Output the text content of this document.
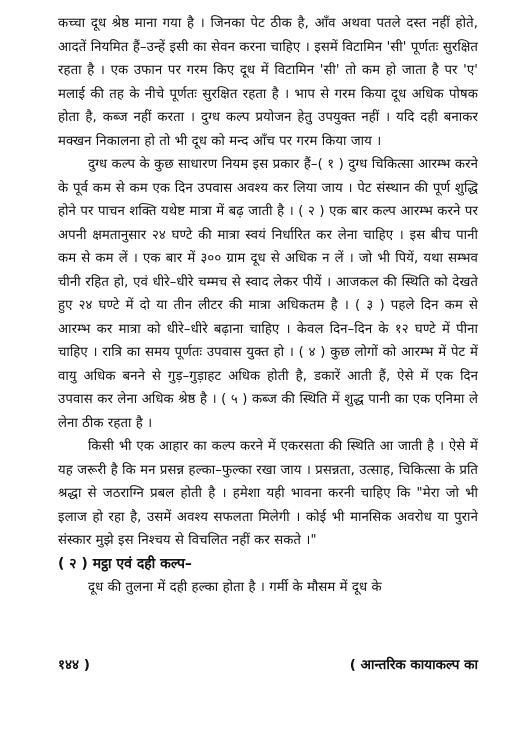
कच्चा दूध श्रेष्ठ माना गया है । जिनका पेट ठीक है, आँव अथवा पतले दस्त नहीं होते, आदतें नियमित हैं–उन्हें इसी का सेवन करना चाहिए । इसमें विटामिन 'सी' पूर्णतः सुरक्षित रहता है । एक उफान पर गरम किए दूध में विटामिन 'सी' तो कम हो जाता है पर 'ए' मलाई की तह के नीचे पूर्णतः सुरक्षित रहता है । भाप से गरम किया दूध अधिक पोषक होता है, कब्ज नहीं करता । दुग्ध कल्प प्रयोजन हेतु उपयुक्त नहीं । यदि दही बनाकर मक्खन निकालना हो तो भी दूध को मन्द आँच पर गरम किया जाय ।

दुग्ध कल्प के कुछ साधारण नियम इस प्रकार हैं–( १ ) दुग्ध चिकित्सा आरम्भ करने के पूर्व कम से कम एक दिन उपवास अवश्य कर लिया जाय । पेट संस्थान की पूर्ण शुद्धि होने पर पाचन शक्ति यथेष्ट मात्रा में बढ़ जाती है । ( २ ) एक बार कल्प आरम्भ करने पर अपनी क्षमतानुसार २४ घण्टे की मात्रा स्वयं निर्धारित कर लेना चाहिए । इस बीच पानी कम से कम लें । एक बार में ३०० ग्राम दूध से अधिक न लें । जो भी पियें, यथा सम्भव चीनी रहित हो, एवं धीरे–धीरे चम्मच से स्वाद लेकर पीयें । आजकल की स्थिति को देखते हुए २४ घण्टे में दो या तीन लीटर की मात्रा अधिकतम है । ( ३ ) पहले दिन कम से आरम्भ कर मात्रा को धीरे–धीरे बढ़ाना चाहिए । केवल दिन–दिन के १२ घण्टे में पीना चाहिए । रात्रि का समय पूर्णतः उपवास युक्त हो । ( ४ ) कुछ लोगों को आरम्भ में पेट में वायु अधिक बनने से गुड़–गुड़ाहट अधिक होती है, डकारें आती हैं, ऐसे में एक दिन उपवास कर लेना अधिक श्रेष्ठ है । ( ५ ) कब्ज की स्थिति में शुद्ध पानी का एक एनिमा ले लेना ठीक रहता है ।

किसी भी एक आहार का कल्प करने में एकरसता की स्थिति आ जाती है । ऐसे में यह जरूरी है कि मन प्रसन्न हल्का–फुल्का रखा जाय । प्रसन्नता, उत्साह, चिकित्सा के प्रति श्रद्धा से जठराग्नि प्रबल होती है । हमेशा यही भावना करनी चाहिए कि "मेरा जो भी इलाज हो रहा है, उसमें अवश्य सफलता मिलेगी । कोई भी मानसिक अवरोध या पुराने संस्कार मुझे इस निश्चय से विचलित नहीं कर सकते ।"

( २ ) मट्ठा एवं दही कल्प–

दूध की तुलना में दही हल्का होता है । गर्मी के मौसम में दूध के

१४४ )	( आन्तरिक कायाकल्प का
